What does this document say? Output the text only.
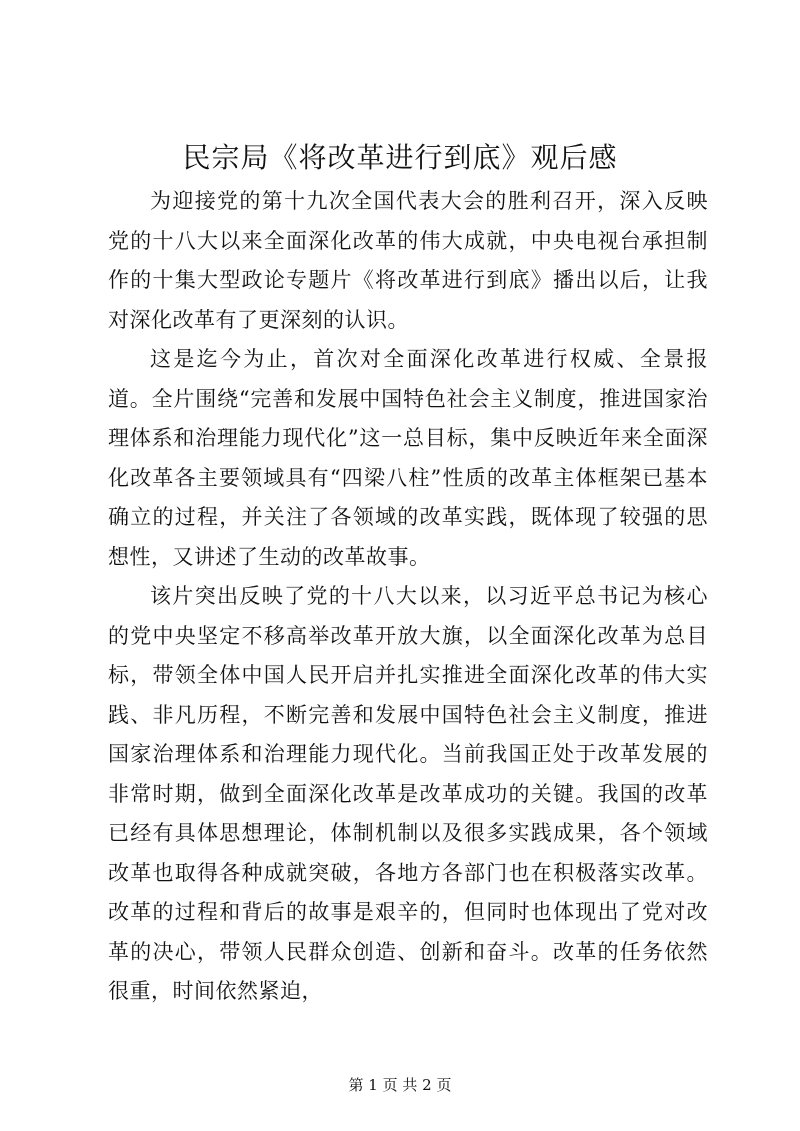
民宗局《将改革进行到底》观后感

为迎接党的第十九次全国代表大会的胜利召开，深入反映党的十八大以来全面深化改革的伟大成就，中央电视台承担制作的十集大型政论专题片《将改革进行到底》播出以后，让我对深化改革有了更深刻的认识。

这是迄今为止，首次对全面深化改革进行权威、全景报道。全片围绕“完善和发展中国特色社会主义制度，推进国家治理体系和治理能力现代化”这一总目标，集中反映近年来全面深化改革各主要领域具有“四梁八柱”性质的改革主体框架已基本确立的过程，并关注了各领域的改革实践，既体现了较强的思想性，又讲述了生动的改革故事。

该片突出反映了党的十八大以来，以习近平总书记为核心的党中央坚定不移高举改革开放大旗，以全面深化改革为总目标，带领全体中国人民开启并扎实推进全面深化改革的伟大实践、非凡历程，不断完善和发展中国特色社会主义制度，推进国家治理体系和治理能力现代化。当前我国正处于改革发展的非常时期，做到全面深化改革是改革成功的关键。我国的改革已经有具体思想理论，体制机制以及很多实践成果，各个领域改革也取得各种成就突破，各地方各部门也在积极落实改革。改革的过程和背后的故事是艰辛的，但同时也体现出了党对改革的决心，带领人民群众创造、创新和奋斗。改革的任务依然很重，时间依然紧迫，

第 1 页 共 2 页
